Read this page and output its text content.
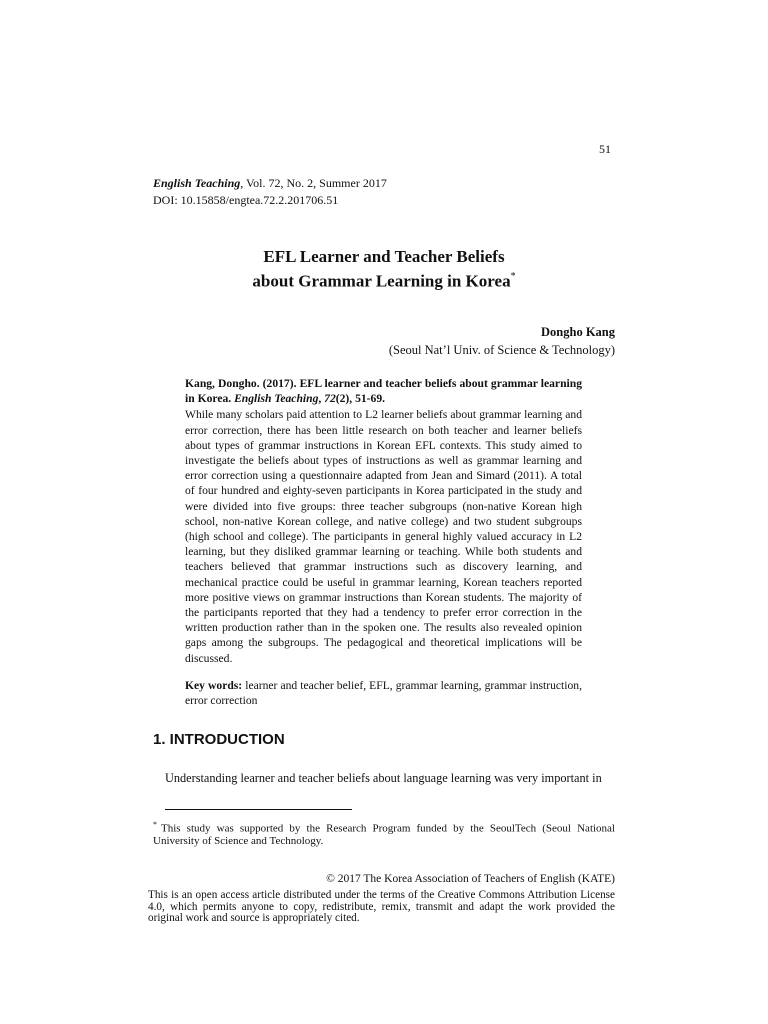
51
English Teaching, Vol. 72, No. 2, Summer 2017
DOI: 10.15858/engtea.72.2.201706.51
EFL Learner and Teacher Beliefs
about Grammar Learning in Korea*
Dongho Kang
(Seoul Nat’l Univ. of Science & Technology)

Kang, Dongho. (2017). EFL learner and teacher beliefs about grammar learning in Korea. English Teaching, 72(2), 51-69.

While many scholars paid attention to L2 learner beliefs about grammar learning and error correction, there has been little research on both teacher and learner beliefs about types of grammar instructions in Korean EFL contexts. This study aimed to investigate the beliefs about types of instructions as well as grammar learning and error correction using a questionnaire adapted from Jean and Simard (2011). A total of four hundred and eighty-seven participants in Korea participated in the study and were divided into five groups: three teacher subgroups (non-native Korean high school, non-native Korean college, and native college) and two student subgroups (high school and college). The participants in general highly valued accuracy in L2 learning, but they disliked grammar learning or teaching. While both students and teachers believed that grammar instructions such as discovery learning, and mechanical practice could be useful in grammar learning, Korean teachers reported more positive views on grammar instructions than Korean students. The majority of the participants reported that they had a tendency to prefer error correction in the written production rather than in the spoken one. The results also revealed opinion gaps among the subgroups. The pedagogical and theoretical implications will be discussed.

Key words: learner and teacher belief, EFL, grammar learning, grammar instruction, error correction

1. INTRODUCTION
Understanding learner and teacher beliefs about language learning was very important in
* This study was supported by the Research Program funded by the SeoulTech (Seoul National University of Science and Technology.
© 2017 The Korea Association of Teachers of English (KATE)
This is an open access article distributed under the terms of the Creative Commons Attribution License 4.0, which permits anyone to copy, redistribute, remix, transmit and adapt the work provided the original work and source is appropriately cited.
